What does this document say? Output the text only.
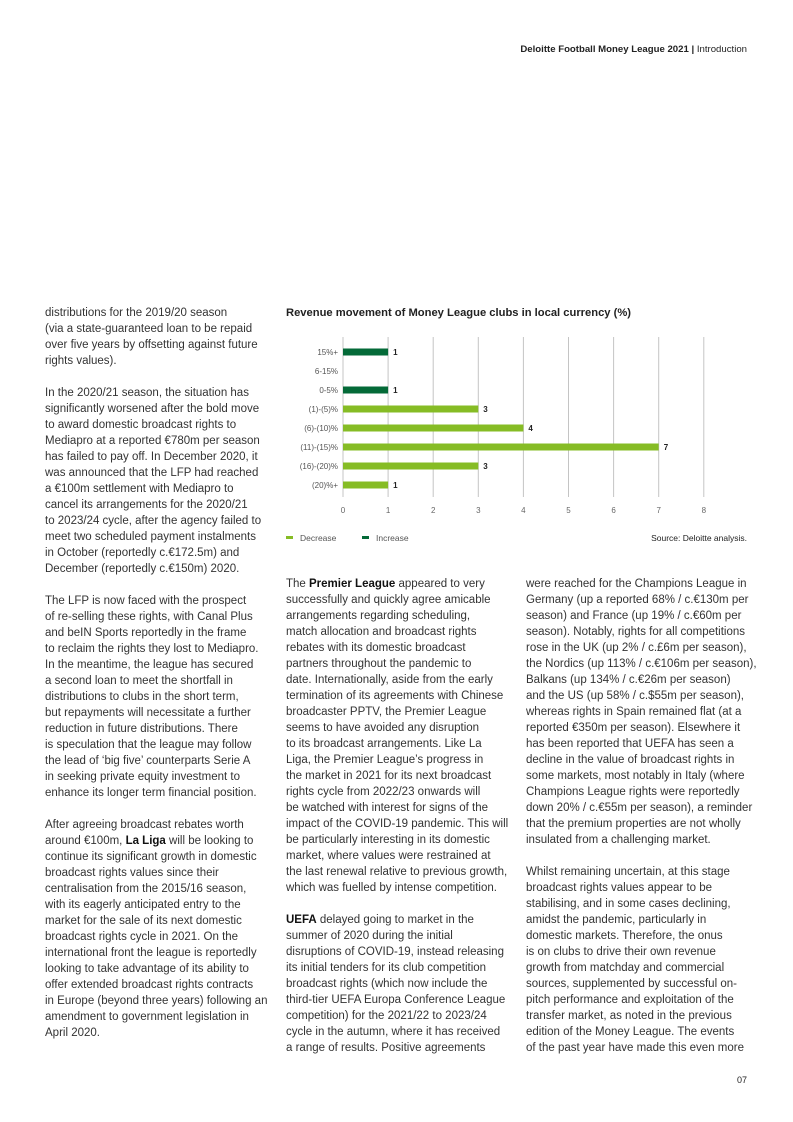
Deloitte Football Money League 2021 | Introduction
distributions for the 2019/20 season
(via a state-guaranteed loan to be repaid
over five years by offsetting against future
rights values).
In the 2020/21 season, the situation has
significantly worsened after the bold move
to award domestic broadcast rights to
Mediapro at a reported €780m per season
has failed to pay off. In December 2020, it
was announced that the LFP had reached
a €100m settlement with Mediapro to
cancel its arrangements for the 2020/21
to 2023/24 cycle, after the agency failed to
meet two scheduled payment instalments
in October (reportedly c.€172.5m) and
December (reportedly c.€150m) 2020.
The LFP is now faced with the prospect
of re-selling these rights, with Canal Plus
and beIN Sports reportedly in the frame
to reclaim the rights they lost to Mediapro.
In the meantime, the league has secured
a second loan to meet the shortfall in
distributions to clubs in the short term,
but repayments will necessitate a further
reduction in future distributions. There
is speculation that the league may follow
the lead of ‘big five’ counterparts Serie A
in seeking private equity investment to
enhance its longer term financial position.
After agreeing broadcast rebates worth
around €100m, La Liga will be looking to
continue its significant growth in domestic
broadcast rights values since their
centralisation from the 2015/16 season,
with its eagerly anticipated entry to the
market for the sale of its next domestic
broadcast rights cycle in 2021. On the
international front the league is reportedly
looking to take advantage of its ability to
offer extended broadcast rights contracts
in Europe (beyond three years) following an
amendment to government legislation in
April 2020.
Revenue movement of Money League clubs in local currency (%)
0	1	2	3	4	5	6	7	8
15%+
6-15%
0-5%
(1)-(5)%
(6)-(10)%
(11)-(15)%
(16)-(20)%
(20)%+
3
4
7
3
1
1
1
Decrease	Increase	Source: Deloitte analysis.
The Premier League appeared to very
successfully and quickly agree amicable
arrangements regarding scheduling,
match allocation and broadcast rights
rebates with its domestic broadcast
partners throughout the pandemic to
date. Internationally, aside from the early
termination of its agreements with Chinese
broadcaster PPTV, the Premier League
seems to have avoided any disruption
to its broadcast arrangements. Like La
Liga, the Premier League’s progress in
the market in 2021 for its next broadcast
rights cycle from 2022/23 onwards will
be watched with interest for signs of the
impact of the COVID-19 pandemic. This will
be particularly interesting in its domestic
market, where values were restrained at
the last renewal relative to previous growth,
which was fuelled by intense competition.
UEFA delayed going to market in the
summer of 2020 during the initial
disruptions of COVID-19, instead releasing
its initial tenders for its club competition
broadcast rights (which now include the
third-tier UEFA Europa Conference League
competition) for the 2021/22 to 2023/24
cycle in the autumn, where it has received
a range of results. Positive agreements
were reached for the Champions League in
Germany (up a reported 68% / c.€130m per
season) and France (up 19% / c.€60m per
season). Notably, rights for all competitions
rose in the UK (up 2% / c.£6m per season),
the Nordics (up 113% / c.€106m per season),
Balkans (up 134% / c.€26m per season)
and the US (up 58% / c.$55m per season),
whereas rights in Spain remained flat (at a
reported €350m per season). Elsewhere it
has been reported that UEFA has seen a
decline in the value of broadcast rights in
some markets, most notably in Italy (where
Champions League rights were reportedly
down 20% / c.€55m per season), a reminder
that the premium properties are not wholly
insulated from a challenging market.
Whilst remaining uncertain, at this stage
broadcast rights values appear to be
stabilising, and in some cases declining,
amidst the pandemic, particularly in
domestic markets. Therefore, the onus
is on clubs to drive their own revenue
growth from matchday and commercial
sources, supplemented by successful on-
pitch performance and exploitation of the
transfer market, as noted in the previous
edition of the Money League. The events
of the past year have made this even more
07
